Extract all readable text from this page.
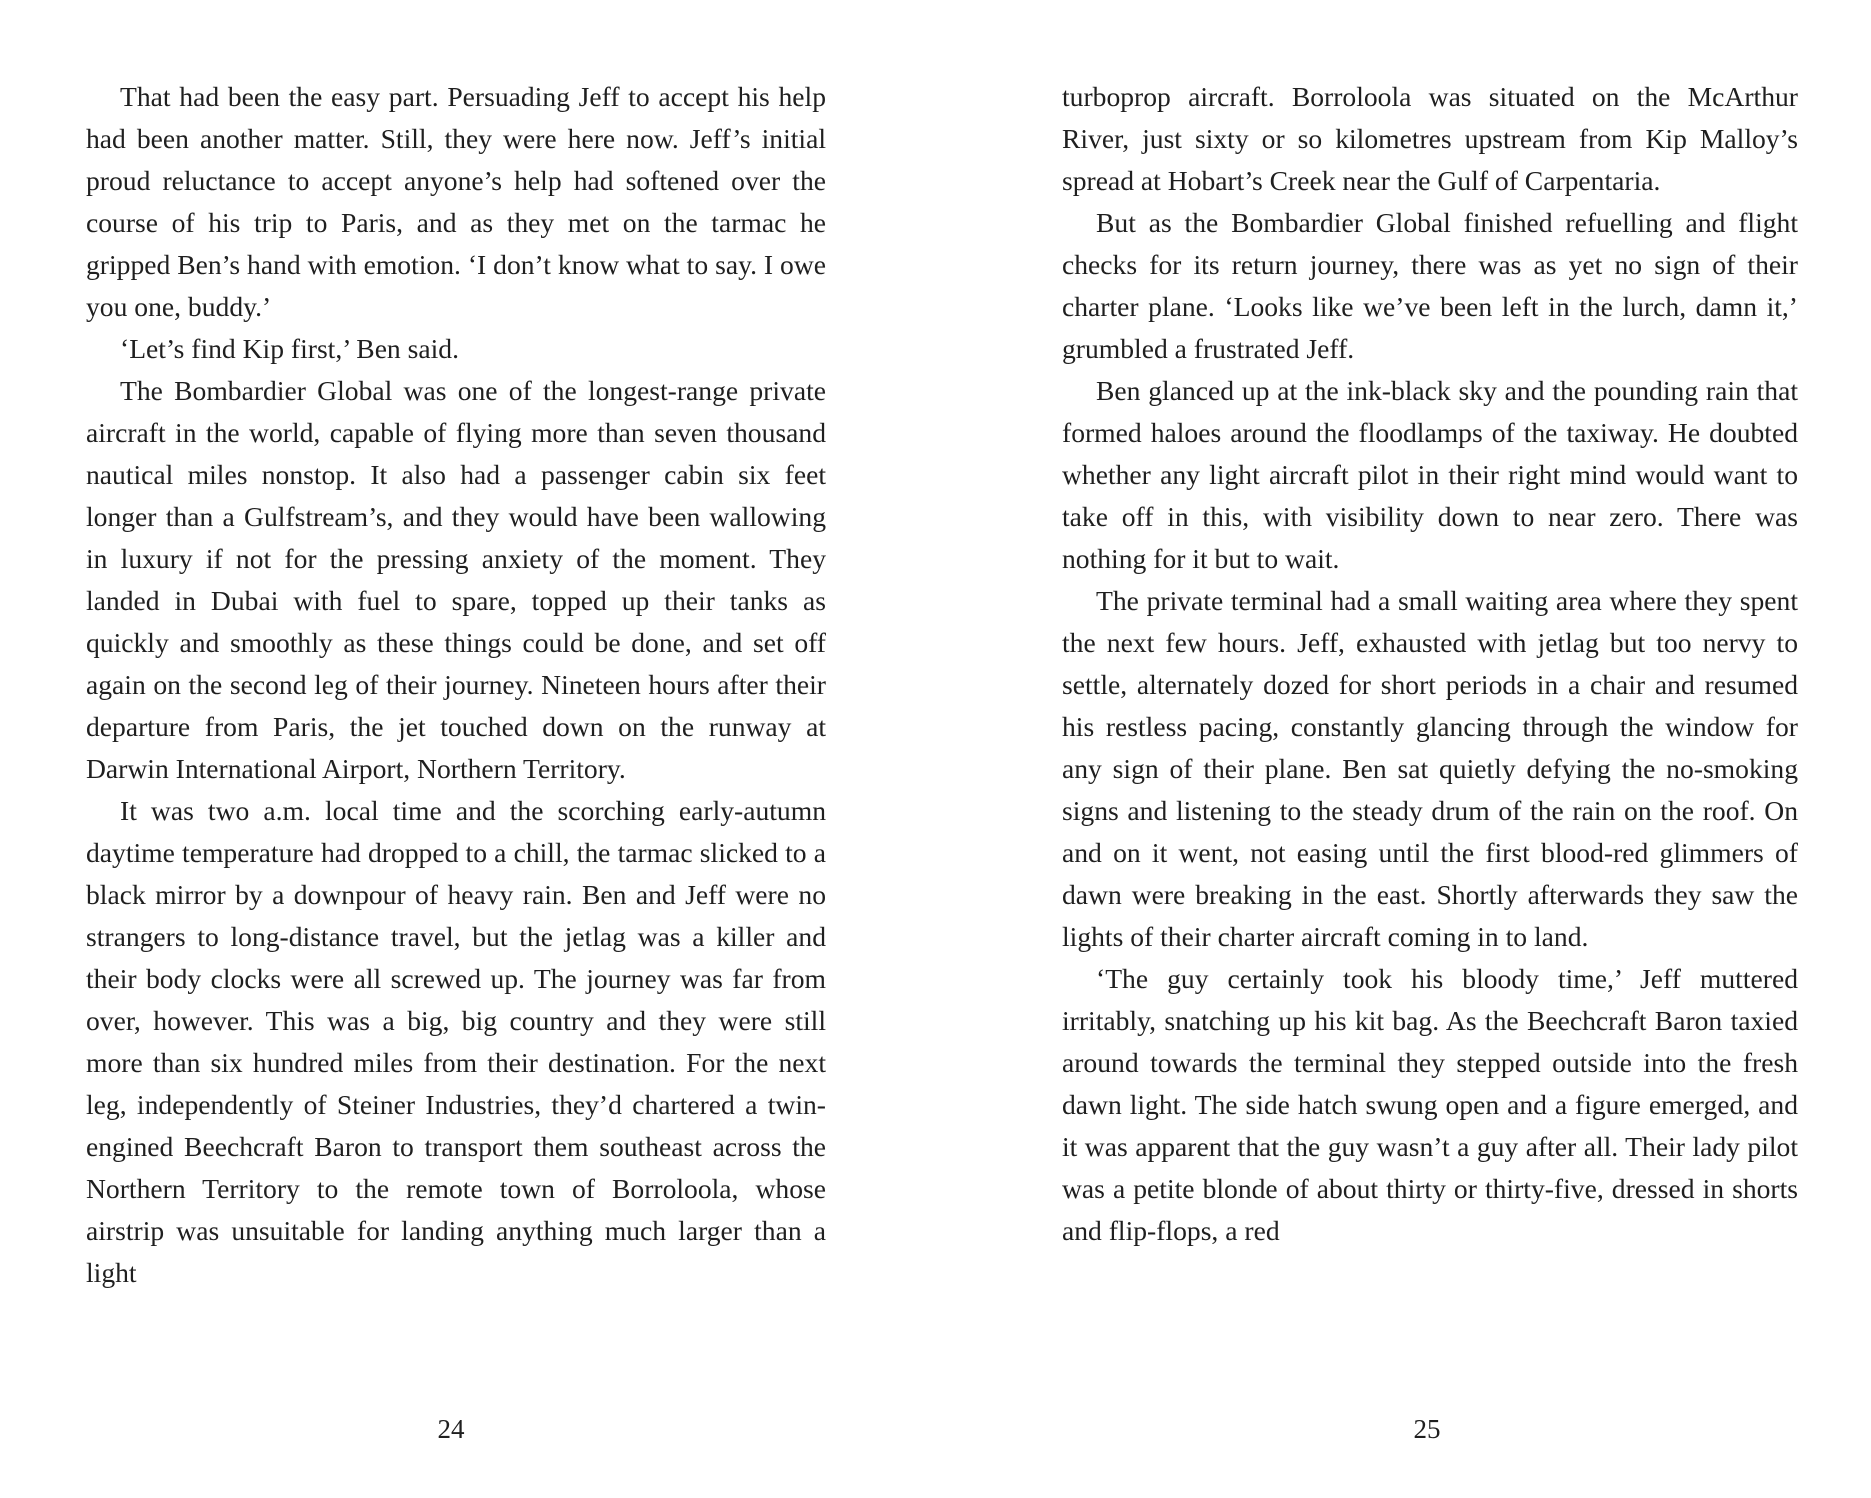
That had been the easy part. Persuading Jeff to accept his help had been another matter. Still, they were here now. Jeff’s initial proud reluctance to accept anyone’s help had softened over the course of his trip to Paris, and as they met on the tarmac he gripped Ben’s hand with emotion. ‘I don’t know what to say. I owe you one, buddy.’

‘Let’s find Kip first,’ Ben said.

The Bombardier Global was one of the longest-range private aircraft in the world, capable of flying more than seven thousand nautical miles nonstop. It also had a passenger cabin six feet longer than a Gulfstream’s, and they would have been wallowing in luxury if not for the pressing anxiety of the moment. They landed in Dubai with fuel to spare, topped up their tanks as quickly and smoothly as these things could be done, and set off again on the second leg of their journey. Nineteen hours after their departure from Paris, the jet touched down on the runway at Darwin International Airport, Northern Territory.

It was two a.m. local time and the scorching early-autumn daytime temperature had dropped to a chill, the tarmac slicked to a black mirror by a downpour of heavy rain. Ben and Jeff were no strangers to long-distance travel, but the jetlag was a killer and their body clocks were all screwed up. The journey was far from over, however. This was a big, big country and they were still more than six hundred miles from their destination. For the next leg, independently of Steiner Industries, they’d chartered a twin-engined Beechcraft Baron to transport them southeast across the Northern Territory to the remote town of Borroloola, whose airstrip was unsuitable for landing anything much larger than a light

turboprop aircraft. Borroloola was situated on the McArthur River, just sixty or so kilometres upstream from Kip Malloy’s spread at Hobart’s Creek near the Gulf of Carpentaria.

But as the Bombardier Global finished refuelling and flight checks for its return journey, there was as yet no sign of their charter plane. ‘Looks like we’ve been left in the lurch, damn it,’ grumbled a frustrated Jeff.

Ben glanced up at the ink-black sky and the pounding rain that formed haloes around the floodlamps of the taxiway. He doubted whether any light aircraft pilot in their right mind would want to take off in this, with visibility down to near zero. There was nothing for it but to wait.

The private terminal had a small waiting area where they spent the next few hours. Jeff, exhausted with jetlag but too nervy to settle, alternately dozed for short periods in a chair and resumed his restless pacing, constantly glancing through the window for any sign of their plane. Ben sat quietly defying the no-smoking signs and listening to the steady drum of the rain on the roof. On and on it went, not easing until the first blood-red glimmers of dawn were breaking in the east. Shortly afterwards they saw the lights of their charter aircraft coming in to land.

‘The guy certainly took his bloody time,’ Jeff muttered irritably, snatching up his kit bag. As the Beechcraft Baron taxied around towards the terminal they stepped outside into the fresh dawn light. The side hatch swung open and a figure emerged, and it was apparent that the guy wasn’t a guy after all. Their lady pilot was a petite blonde of about thirty or thirty-five, dressed in shorts and flip-flops, a red

24	25
